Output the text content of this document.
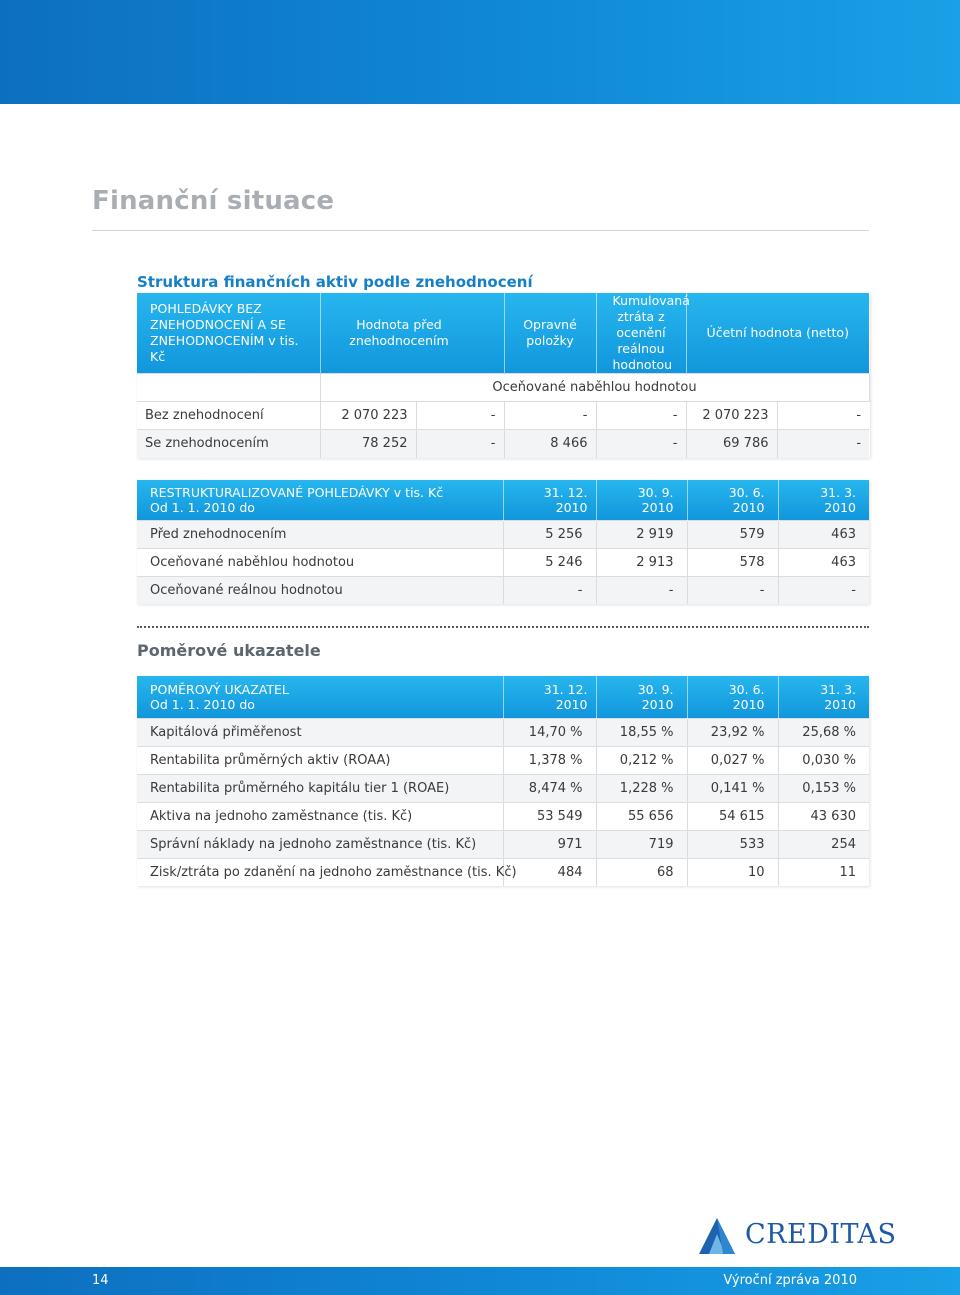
Finanční situace
Struktura finančních aktiv podle znehodnocení
POHLEDÁVKY BEZ ZNEHODNOCENÍ A SE ZNEHODNOCENÍM v tis. Kč	Hodnota před znehodnocením		Opravné položky	Kumulovaná ztráta z ocenění reálnou hodnotou	Účetní hodnota (netto)	
	Oceňované naběhlou hodnotou					
Bez znehodnocení	2 070 223	-	-	-	2 070 223	-
Se znehodnocením	78 252	-	8 466	-	69 786	-
RESTRUKTURALIZOVANÉ POHLEDÁVKY v tis. Kč
Od 1. 1. 2010 do	31. 12. 2010	30. 9. 2010	30. 6. 2010	31. 3. 2010
Před znehodnocením	5 256	2 919	579	463
Oceňované naběhlou hodnotou	5 246	2 913	578	463
Oceňované reálnou hodnotou	-	-	-	-
Poměrové ukazatele
POMĚROVÝ UKAZATEL
Od 1. 1. 2010 do	31. 12. 2010	30. 9. 2010	30. 6. 2010	31. 3. 2010
Kapitálová přiměřenost	14,70 %	18,55 %	23,92 %	25,68 %
Rentabilita průměrných aktiv (ROAA)	1,378 %	0,212 %	0,027 %	0,030 %
Rentabilita průměrného kapitálu tier 1 (ROAE)	8,474 %	1,228 %	0,141 %	0,153 %
Aktiva na jednoho zaměstnance (tis. Kč)	53 549	55 656	54 615	43 630
Správní náklady na jednoho zaměstnance (tis. Kč)	971	719	533	254
Zisk/ztráta po zdanění na jednoho zaměstnance (tis. Kč)	484	68	10	11
CREDITAS
14	Výroční zpráva 2010
